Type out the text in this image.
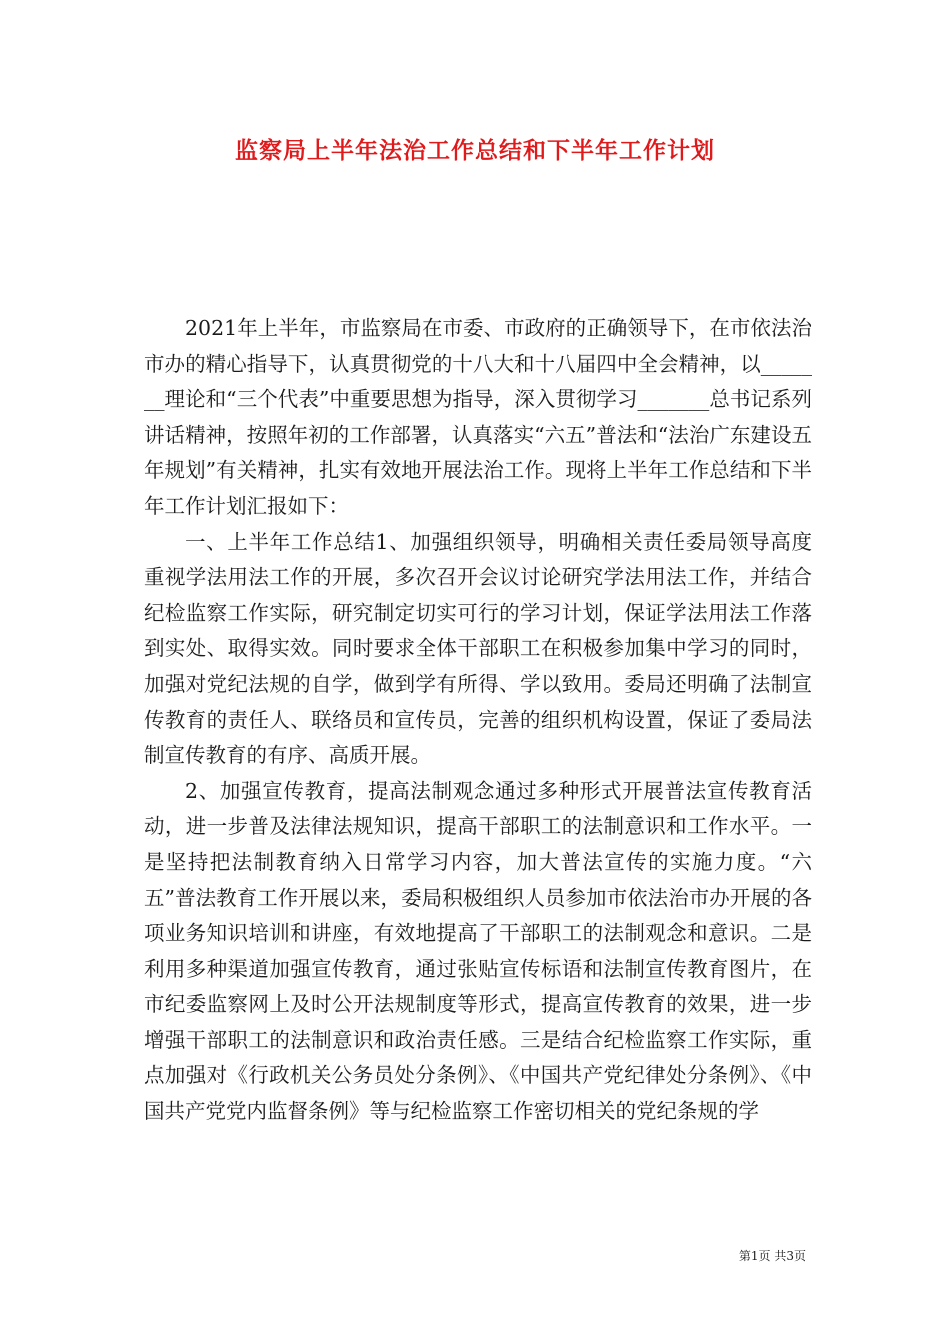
监察局上半年法治工作总结和下半年工作计划

2021年上半年，市监察局在市委、市政府的正确领导下，在市依法治市办的精心指导下，认真贯彻党的十八大和十八届四中全会精神，以_______理论和“三个代表”中重要思想为指导，深入贯彻学习_______总书记系列讲话精神，按照年初的工作部署，认真落实“六五”普法和“法治广东建设五年规划”有关精神，扎实有效地开展法治工作。现将上半年工作总结和下半年工作计划汇报如下：

一、上半年工作总结1、加强组织领导，明确相关责任委局领导高度重视学法用法工作的开展，多次召开会议讨论研究学法用法工作，并结合纪检监察工作实际，研究制定切实可行的学习计划，保证学法用法工作落到实处、取得实效。同时要求全体干部职工在积极参加集中学习的同时，加强对党纪法规的自学，做到学有所得、学以致用。委局还明确了法制宣传教育的责任人、联络员和宣传员，完善的组织机构设置，保证了委局法制宣传教育的有序、高质开展。

2、加强宣传教育，提高法制观念通过多种形式开展普法宣传教育活动，进一步普及法律法规知识，提高干部职工的法制意识和工作水平。一是坚持把法制教育纳入日常学习内容，加大普法宣传的实施力度。“六五”普法教育工作开展以来，委局积极组织人员参加市依法治市办开展的各项业务知识培训和讲座，有效地提高了干部职工的法制观念和意识。二是利用多种渠道加强宣传教育，通过张贴宣传标语和法制宣传教育图片，在市纪委监察网上及时公开法规制度等形式，提高宣传教育的效果，进一步增强干部职工的法制意识和政治责任感。三是结合纪检监察工作实际，重点加强对《行政机关公务员处分条例》、《中国共产党纪律处分条例》、《中国共产党党内监督条例》等与纪检监察工作密切相关的党纪条规的学

第1页 共3页
